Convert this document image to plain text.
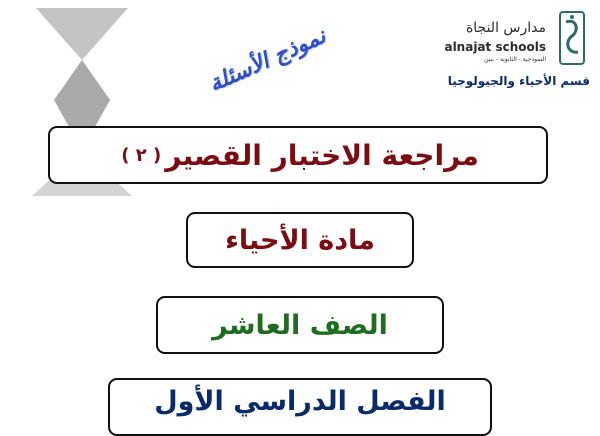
مدارس النجاة
alnajat schools
النموذجية - الثانوية - بنين
قسم الأحياء والجيولوجيا
نموذج الأسئلة
مراجعة الاختبار القصير
( ٢ )
مادة الأحياء
الصف العاشر
الفصل الدراسي الأول
